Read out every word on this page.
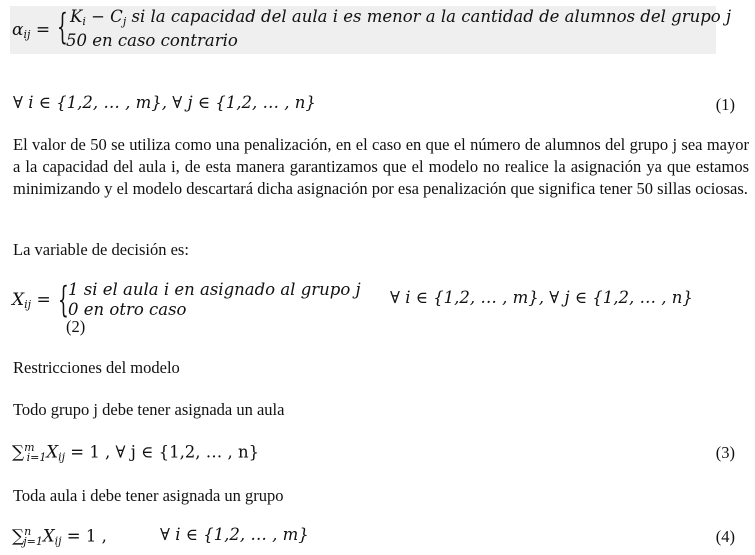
$\alpha_{ij}$ = { $K_i - C_j$ si la capacidad del aula i es menor a la cantidad de alumnos del grupo j
50 en caso contrario
∀ i ∈ {1,2, … , m}, ∀ j ∈ {1,2, … , n}	(1)
El valor de 50 se utiliza como una penalización, en el caso en que el número de alumnos del grupo j sea mayor a la capacidad del aula i, de esta manera garantizamos que el modelo no realice la asignación ya que estamos minimizando y el modelo descartará dicha asignación por esa penalización que significa tener 50 sillas ociosas.
La variable de decisión es:
$X_{ij}$ = { 1 si el aula i en asignado al grupo j
0 en otro caso
(2)
∀ i ∈ {1,2, … , m}, ∀ j ∈ {1,2, … , n}
Restricciones del modelo
Todo grupo j debe tener asignada un aula
$\sum^m_{i=1}X_{ij} = 1$ , ∀ j ∈ {1,2, … , n}	(3)
Toda aula i debe tener asignada un grupo
$\sum^n_{j=1}X_{ij} = 1$ ,	∀ i ∈ {1,2, … , m}	(4)
